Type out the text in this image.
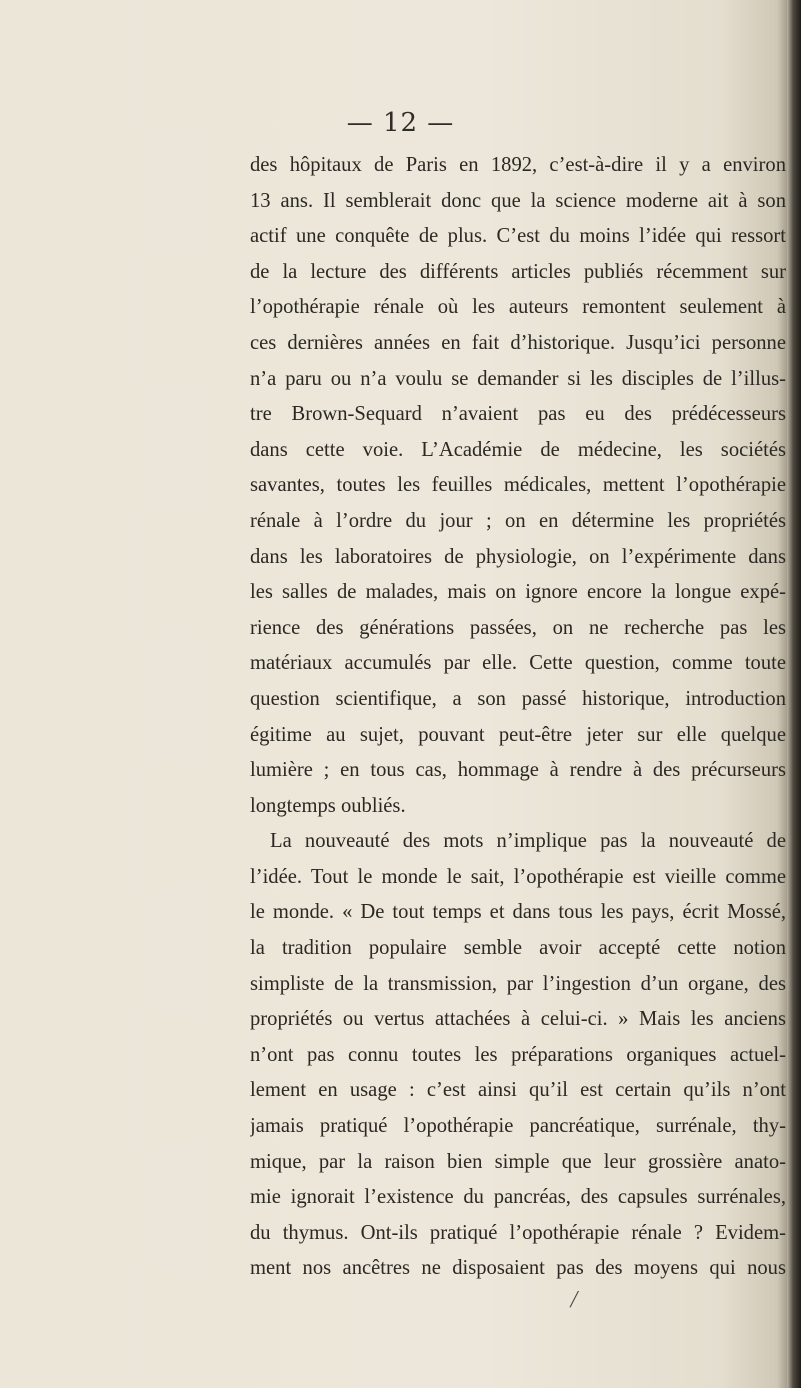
— 12 —
des hôpitaux de Paris en 1892, c’est-à-dire il y a environ
13 ans. Il semblerait donc que la science moderne ait à son
actif une conquête de plus. C’est du moins l’idée qui ressort
de la lecture des différents articles publiés récemment sur
l’opothérapie rénale où les auteurs remontent seulement à
ces dernières années en fait d’historique. Jusqu’ici personne
n’a paru ou n’a voulu se demander si les disciples de l’illus-
tre Brown-Sequard n’avaient pas eu des prédécesseurs
dans cette voie. L’Académie de médecine, les sociétés
savantes, toutes les feuilles médicales, mettent l’opothérapie
rénale à l’ordre du jour ; on en détermine les propriétés
dans les laboratoires de physiologie, on l’expérimente dans
les salles de malades, mais on ignore encore la longue expé-
rience des générations passées, on ne recherche pas les
matériaux accumulés par elle. Cette question, comme toute
question scientifique, a son passé historique, introduction
égitime au sujet, pouvant peut-être jeter sur elle quelque
lumière ; en tous cas, hommage à rendre à des précurseurs
longtemps oubliés.
La nouveauté des mots n’implique pas la nouveauté de
l’idée. Tout le monde le sait, l’opothérapie est vieille comme
le monde. « De tout temps et dans tous les pays, écrit Mossé,
la tradition populaire semble avoir accepté cette notion
simpliste de la transmission, par l’ingestion d’un organe, des
propriétés ou vertus attachées à celui-ci. » Mais les anciens
n’ont pas connu toutes les préparations organiques actuel-
lement en usage : c’est ainsi qu’il est certain qu’ils n’ont
jamais pratiqué l’opothérapie pancréatique, surrénale, thy-
mique, par la raison bien simple que leur grossière anato-
mie ignorait l’existence du pancréas, des capsules surrénales,
du thymus. Ont-ils pratiqué l’opothérapie rénale ? Evidem-
ment nos ancêtres ne disposaient pas des moyens qui nous
╱
